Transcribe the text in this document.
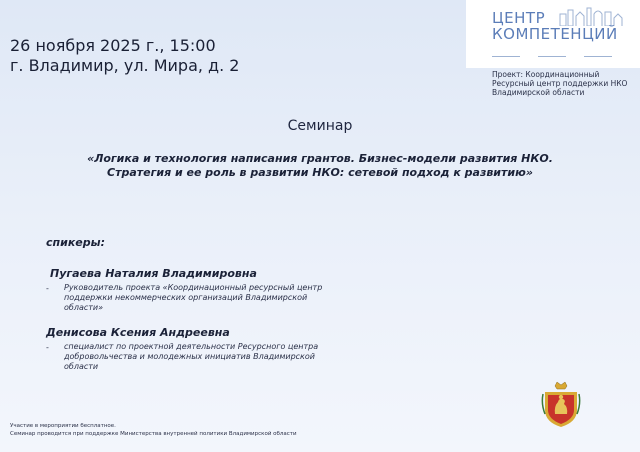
26 ноября 2025 г., 15:00
г. Владимир, ул. Мира, д. 2
ЦЕНТР
КОМПЕТЕНЦИЙ
Проект: Координационный
Ресурсный центр поддержки НКО
Владимирской области
Семинар
«Логика и технология написания грантов. Бизнес-модели развития НКО.
Стратегия и ее роль в развитии НКО: сетевой подход к развитию»
спикеры:
Пугаева Наталия Владимировна
- Руководитель проекта «Координационный ресурсный центр
поддержки некоммерческих организаций Владимирской
области»
Денисова Ксения Андреевна
- специалист по проектной деятельности Ресурсного центра
добровольчества и молодежных инициатив Владимирской
области
Участие в мероприятии бесплатное.
Семинар проводится при поддержке Министерства внутренней политики Владимирской области
